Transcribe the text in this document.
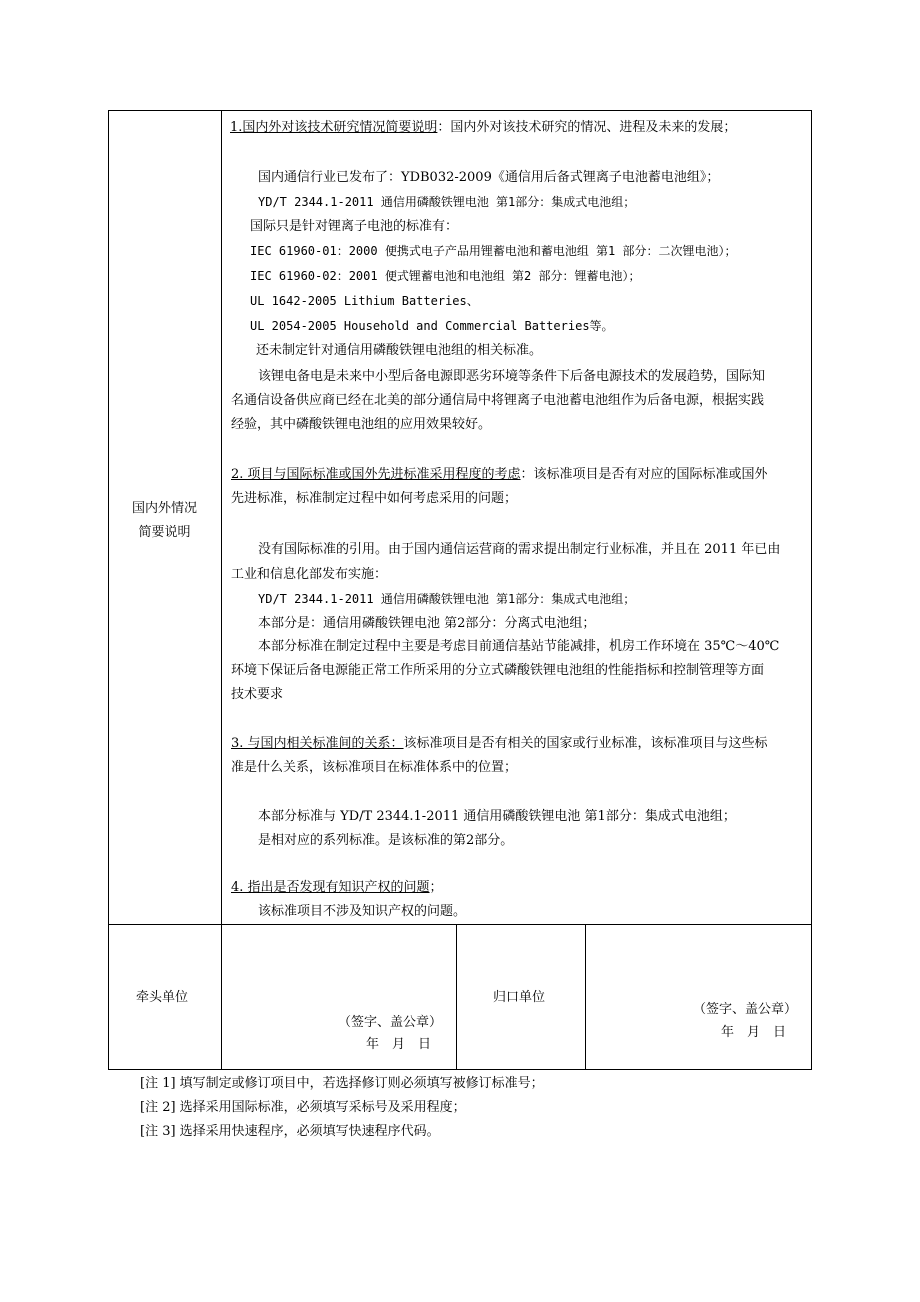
国内外情况
简要说明
1.国内外对该技术研究情况简要说明：国内外对该技术研究的情况、进程及未来的发展；
国内通信行业已发布了：YDB032-2009《通信用后备式锂离子电池蓄电池组》；
YD/T 2344.1-2011 通信用磷酸铁锂电池 第1部分：集成式电池组；
国际只是针对锂离子电池的标准有：
IEC 61960-01：2000 便携式电子产品用锂蓄电池和蓄电池组 第1 部分：二次锂电池）；
IEC 61960-02：2001 便式锂蓄电池和电池组 第2 部分：锂蓄电池）；
UL 1642-2005 Lithium Batteries、
UL 2054-2005 Household and Commercial Batteries等。
还未制定针对通信用磷酸铁锂电池组的相关标准。
该锂电备电是未来中小型后备电源即恶劣环境等条件下后备电源技术的发展趋势，国际知
名通信设备供应商已经在北美的部分通信局中将锂离子电池蓄电池组作为后备电源，根据实践
经验，其中磷酸铁锂电池组的应用效果较好。
2. 项目与国际标准或国外先进标准采用程度的考虑：该标准项目是否有对应的国际标准或国外
先进标准，标准制定过程中如何考虑采用的问题；
没有国际标准的引用。由于国内通信运营商的需求提出制定行业标准，并且在 2011 年已由
工业和信息化部发布实施：
YD/T 2344.1-2011 通信用磷酸铁锂电池 第1部分：集成式电池组；
本部分是：通信用磷酸铁锂电池 第2部分：分离式电池组；
本部分标准在制定过程中主要是考虑目前通信基站节能减排，机房工作环境在 35℃～40℃
环境下保证后备电源能正常工作所采用的分立式磷酸铁锂电池组的性能指标和控制管理等方面
技术要求
3. 与国内相关标准间的关系：该标准项目是否有相关的国家或行业标准，该标准项目与这些标
准是什么关系，该标准项目在标准体系中的位置；
本部分标准与 YD/T 2344.1-2011 通信用磷酸铁锂电池 第1部分：集成式电池组；
是相对应的系列标准。是该标准的第2部分。
4. 指出是否发现有知识产权的问题；
该标准项目不涉及知识产权的问题。
牵头单位
（签字、盖公章）
年　月　日
归口单位
（签字、盖公章）
年　月　日
[注 1] 填写制定或修订项目中，若选择修订则必须填写被修订标准号；
[注 2] 选择采用国际标准，必须填写采标号及采用程度；
[注 3] 选择采用快速程序，必须填写快速程序代码。
